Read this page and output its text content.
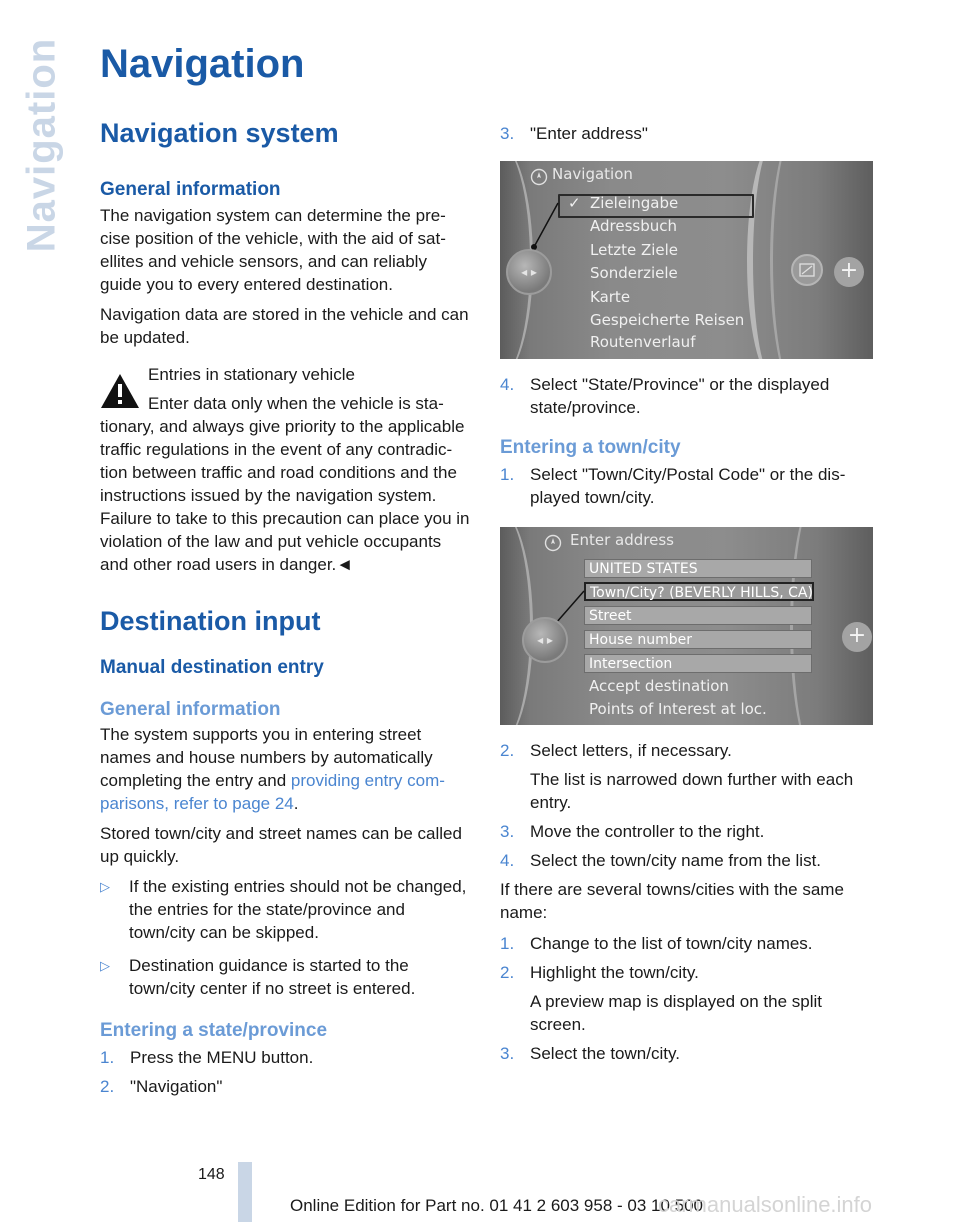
Navigation Navigation
Navigation system
General information

The navigation system can determine the pre-cise position of the vehicle, with the aid of sat-ellites and vehicle sensors, and can reliably guide you to every entered destination.

Navigation data are stored in the vehicle and can be updated.

Entries in stationary vehicle
Enter data only when the vehicle is sta-tionary, and always give priority to the applicable traffic regulations in the event of any contradic-tion between traffic and road conditions and the instructions issued by the navigation system. Failure to take to this precaution can place you in violation of the law and put vehicle occupants and other road users in danger.◄
Destination input
Manual destination entry
General information

The system supports you in entering street names and house numbers by automatically completing the entry and providing entry com-parisons, refer to page 24.

Stored town/city and street names can be called up quickly.

▷	If the existing entries should not be changed, the entries for the state/province and town/city can be skipped.
▷	Destination guidance is started to the town/city center if no street is entered.
Entering a state/province
1. Press the MENU button.
2. "Navigation"
3. "Enter address"
Navigation
✓ Zieleingabe
Adressbuch
Letzte Ziele
Sonderziele
Karte
Gespeicherte Reisen
Routenverlauf
◂ ▸	+
4. Select "State/Province" or the displayed state/province.
Entering a town/city
1. Select "Town/City/Postal Code" or the dis-played town/city.
Enter address
UNITED STATES
Town/City? (BEVERLY HILLS, CA)
Street
House number
Intersection
Accept destination
Points of Interest at loc.
◂ ▸	+
2. Select letters, if necessary.
The list is narrowed down further with each entry.
3. Move the controller to the right.
4. Select the town/city name from the list.

If there are several towns/cities with the same name:

1. Change to the list of town/city names.
2. Highlight the town/city.
A preview map is displayed on the split screen.
3. Select the town/city.
148
Online Edition for Part no. 01 41 2 603 958 - 03 10 500
carmanualsonline.info
